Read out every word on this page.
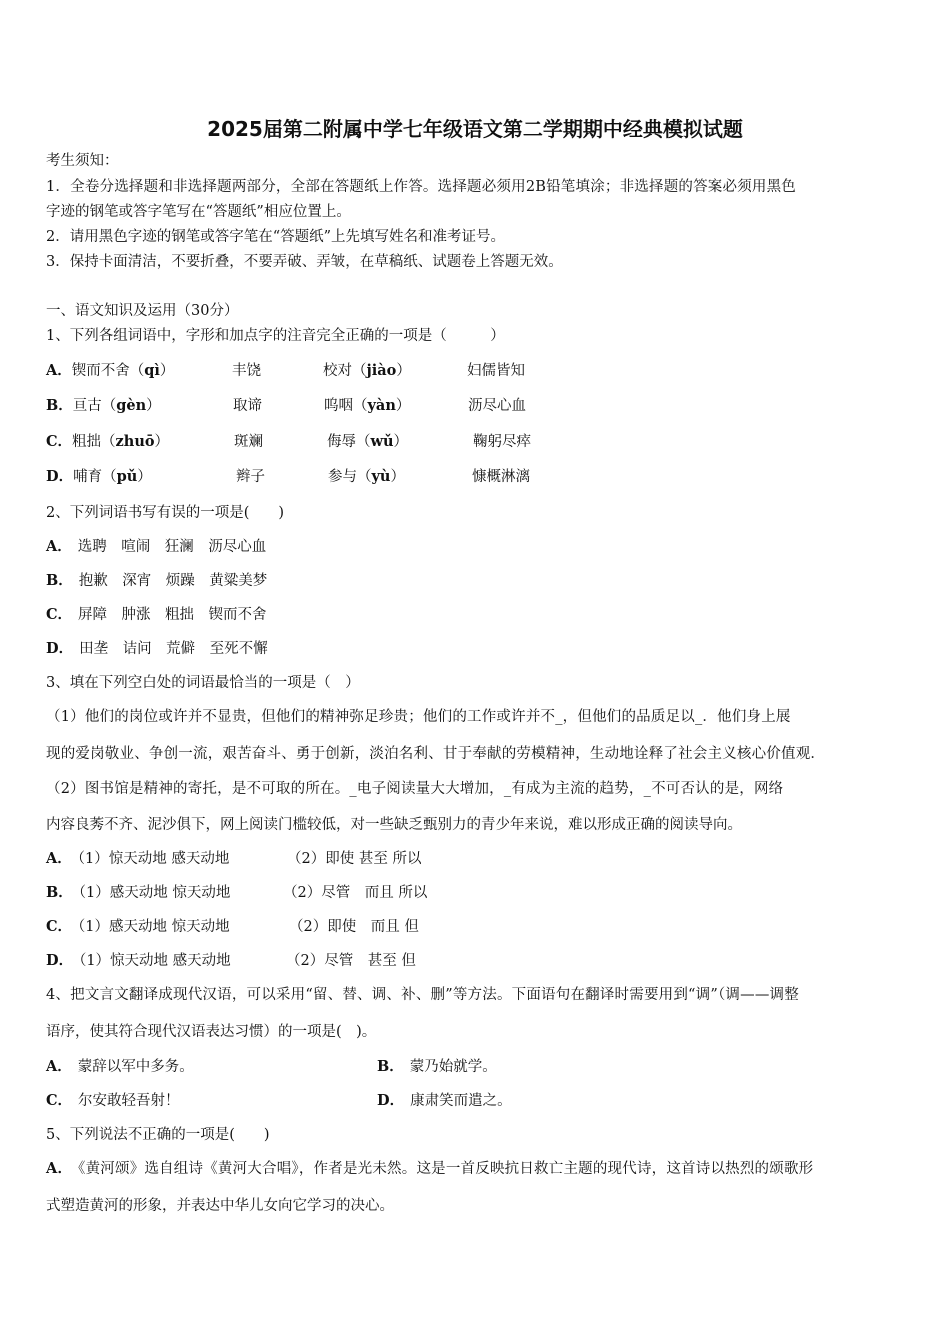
2025届第二附属中学七年级语文第二学期期中经典模拟试题
考生须知：
1．全卷分选择题和非选择题两部分，全部在答题纸上作答。选择题必须用2B铅笔填涂；非选择题的答案必须用黑色
字迹的钢笔或答字笔写在“答题纸”相应位置上。
2．请用黑色字迹的钢笔或答字笔在“答题纸”上先填写姓名和准考证号。
3．保持卡面清洁，不要折叠，不要弄破、弄皱，在草稿纸、试题卷上答题无效。
一、语文知识及运用（30分）
1、下列各组词语中，字形和加点字的注音完全正确的一项是（　　　）
A．锲而不舍（qì）	丰饶	校对（jiào）	妇儒皆知
B．亘古（gèn）	取谛	呜咽（yàn）	沥尽心血
C．粗拙（zhuō）	斑斓	侮辱（wǔ）	鞠躬尽瘁
D．哺育（pǔ）	辫子	参与（yù）	慷概淋漓
2、下列词语书写有误的一项是(　　)
A． 选聘　喧闹　狂澜　沥尽心血
B． 抱歉　深宵　烦躁　黄粱美梦
C． 屏障　肿涨　粗拙　锲而不舍
D． 田垄　诘问　荒僻　至死不懈
3、填在下列空白处的词语最恰当的一项是（　）
（1）他们的岗位或许并不显贵，但他们的精神弥足珍贵；他们的工作或许并不_，但他们的品质足以_．他们身上展
现的爱岗敬业、争创一流，艰苦奋斗、勇于创新，淡泊名利、甘于奉献的劳模精神，生动地诠释了社会主义核心价值观．
（2）图书馆是精神的寄托，是不可取的所在。_电子阅读量大大增加，_有成为主流的趋势，_不可否认的是，网络
内容良莠不齐、泥沙俱下，网上阅读门槛较低，对一些缺乏甄别力的青少年来说，难以形成正确的阅读导向。
A． （1）惊天动地 感天动地	（2）即使 甚至 所以
B． （1）感天动地 惊天动地	（2）尽管　而且 所以
C． （1）感天动地 惊天动地	（2）即使　而且 但
D． （1）惊天动地 感天动地	（2）尽管　甚至 但
4、把文言文翻译成现代汉语，可以采用“留、替、调、补、删”等方法。下面语句在翻译时需要用到“调”（调——调整
语序，使其符合现代汉语表达习惯）的一项是(　)。
A． 蒙辞以军中多务。	B． 蒙乃始就学。
C． 尔安敢轻吾射！	D． 康肃笑而遣之。
5、下列说法不正确的一项是(　　)
A． 《黄河颂》选自组诗《黄河大合唱》，作者是光未然。这是一首反映抗日救亡主题的现代诗，这首诗以热烈的颂歌形
式塑造黄河的形象，并表达中华儿女向它学习的决心。
